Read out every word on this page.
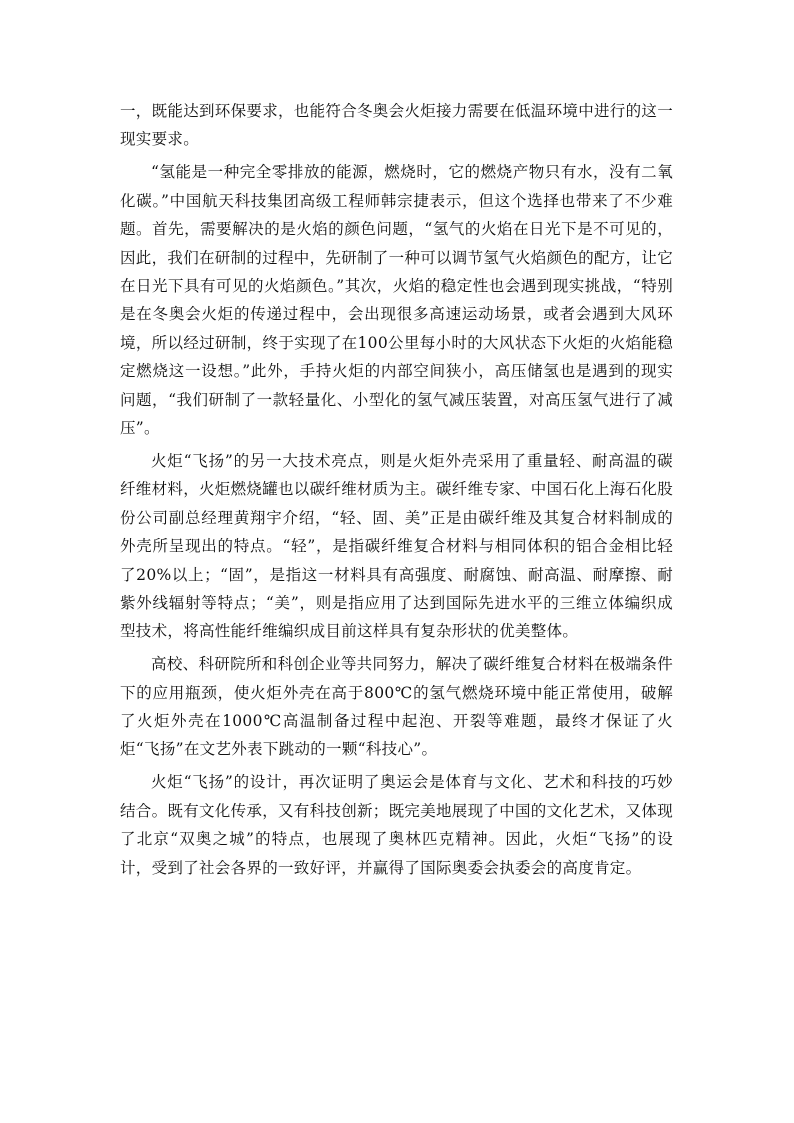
一，既能达到环保要求，也能符合冬奥会火炬接力需要在低温环境中进行的这一现实要求。

“氢能是一种完全零排放的能源，燃烧时，它的燃烧产物只有水，没有二氧化碳。”中国航天科技集团高级工程师韩宗捷表示，但这个选择也带来了不少难题。首先，需要解决的是火焰的颜色问题，“氢气的火焰在日光下是不可见的，因此，我们在研制的过程中，先研制了一种可以调节氢气火焰颜色的配方，让它在日光下具有可见的火焰颜色。”其次，火焰的稳定性也会遇到现实挑战，“特别是在冬奥会火炬的传递过程中，会出现很多高速运动场景，或者会遇到大风环境，所以经过研制，终于实现了在100公里每小时的大风状态下火炬的火焰能稳定燃烧这一设想。”此外，手持火炬的内部空间狭小，高压储氢也是遇到的现实问题，“我们研制了一款轻量化、小型化的氢气减压装置，对高压氢气进行了减压”。

火炬“飞扬”的另一大技术亮点，则是火炬外壳采用了重量轻、耐高温的碳纤维材料，火炬燃烧罐也以碳纤维材质为主。碳纤维专家、中国石化上海石化股份公司副总经理黄翔宇介绍，“轻、固、美”正是由碳纤维及其复合材料制成的外壳所呈现出的特点。“轻”，是指碳纤维复合材料与相同体积的铝合金相比轻了20%以上；“固”，是指这一材料具有高强度、耐腐蚀、耐高温、耐摩擦、耐紫外线辐射等特点；“美”，则是指应用了达到国际先进水平的三维立体编织成型技术，将高性能纤维编织成目前这样具有复杂形状的优美整体。

高校、科研院所和科创企业等共同努力，解决了碳纤维复合材料在极端条件下的应用瓶颈，使火炬外壳在高于800℃的氢气燃烧环境中能正常使用，破解了火炬外壳在1000℃高温制备过程中起泡、开裂等难题，最终才保证了火炬“飞扬”在文艺外表下跳动的一颗“科技心”。

火炬“飞扬”的设计，再次证明了奥运会是体育与文化、艺术和科技的巧妙结合。既有文化传承，又有科技创新；既完美地展现了中国的文化艺术，又体现了北京“双奥之城”的特点，也展现了奥林匹克精神。因此，火炬“飞扬”的设计，受到了社会各界的一致好评，并赢得了国际奥委会执委会的高度肯定。
